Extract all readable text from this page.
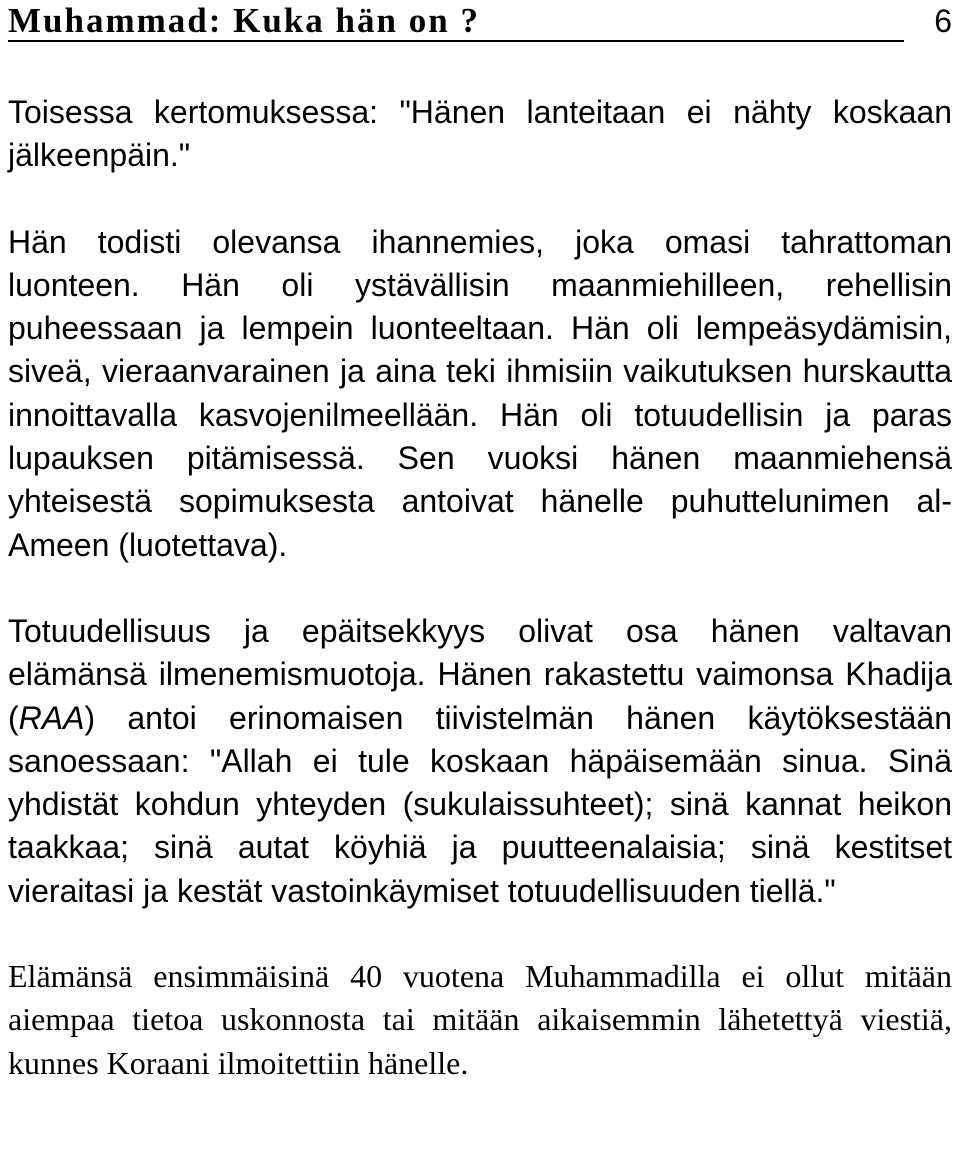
Muhammad: Kuka hän on ?	6

Toisessa kertomuksessa: "Hänen lanteitaan ei nähty koskaan jälkeenpäin."

Hän todisti olevansa ihannemies, joka omasi tahrattoman luonteen. Hän oli ystävällisin maanmiehilleen, rehellisin puheessaan ja lempein luonteeltaan. Hän oli lempeäsydämisin, siveä, vieraanvarainen ja aina teki ihmisiin vaikutuksen hurskautta innoittavalla kasvojenilmeellään. Hän oli totuudellisin ja paras lupauksen pitämisessä. Sen vuoksi hänen maanmiehensä yhteisestä sopimuksesta antoivat hänelle puhuttelunimen al-Ameen (luotettava).

Totuudellisuus ja epäitsekkyys olivat osa hänen valtavan elämänsä ilmenemismuotoja. Hänen rakastettu vaimonsa Khadija (RAA) antoi erinomaisen tiivistelmän hänen käytöksestään sanoessaan: "Allah ei tule koskaan häpäisemään sinua. Sinä yhdistät kohdun yhteyden (sukulaissuhteet); sinä kannat heikon taakkaa; sinä autat köyhiä ja puutteenalaisia; sinä kestitset vieraitasi ja kestät vastoinkäymiset totuudellisuuden tiellä."

Elämänsä ensimmäisinä 40 vuotena Muhammadilla ei ollut mitään aiempaa tietoa uskonnosta tai mitään aikaisemmin lähetettyä viestiä, kunnes Koraani ilmoitettiin hänelle.
